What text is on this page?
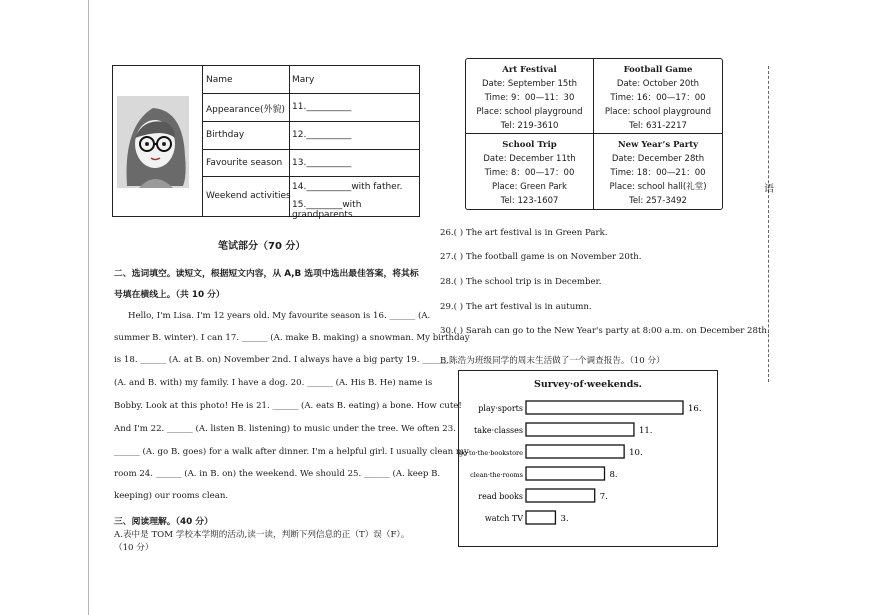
Name	Mary
Appearance(外貌) 11.__________
Birthday	12.__________
Favourite season 13.__________
Weekend activities
14.__________with father.
15.________with grandparents.
Art Festival
Date: September 15th
Time: 9：00—11：30
Place: school playground
Tel: 219-3610
Football Game
Date: October 20th
Time: 16：00—17：00
Place: school playground
Tel: 631-2217
School Trip
Date: December 11th
Time: 8：00—17：00
Place: Green Park
Tel: 123-1607
New Year’s Party
Date: December 28th
Time: 18：00—21：00
Place: school hall(礼堂)
Tel: 257-3492
笔试部分（70 分）
二、选词填空。读短文，根据短文内容，从 A,B 选项中选出最佳答案，将其标
号填在横线上。（共 10 分）
Hello, I'm Lisa. I'm 12 years old. My favourite season is 16. ______ (A.
summer B. winter). I can 17. ______ (A. make B. making) a snowman. My birthday
is 18. ______ (A. at B. on) November 2nd. I always have a big party 19. ______
(A. and B. with) my family. I have a dog. 20. ______ (A. His B. He) name is
Bobby. Look at this photo! He is 21. ______ (A. eats B. eating) a bone. How cute!
And I'm 22. ______ (A. listen B. listening) to music under the tree. We often 23.
______ (A. go B. goes) for a walk after dinner. I'm a helpful girl. I usually clean my
room 24. ______ (A. in B. on) the weekend. We should 25. ______ (A. keep B.
keeping) our rooms clean.
三、阅读理解。（40 分）
A.表中是 TOM 学校本学期的活动,读一读，判断下列信息的正（T）误（F）。
（10 分）
26.( ) The art festival is in Green Park.
27.( ) The football game is on November 20th.
28.( ) The school trip is in December.
29.( ) The art festival is in autumn.
30.( ) Sarah can go to the New Year's party at 8:00 a.m. on December 28th.
B.陈浩为班级同学的周末生活做了一个调查报告。（10 分）
Survey·of·weekends.
play·sports	16.
take·classes	11.
go·to·the·bookstore	10.
clean·the·rooms	8.
read books	7.
watch TV	3.
语
